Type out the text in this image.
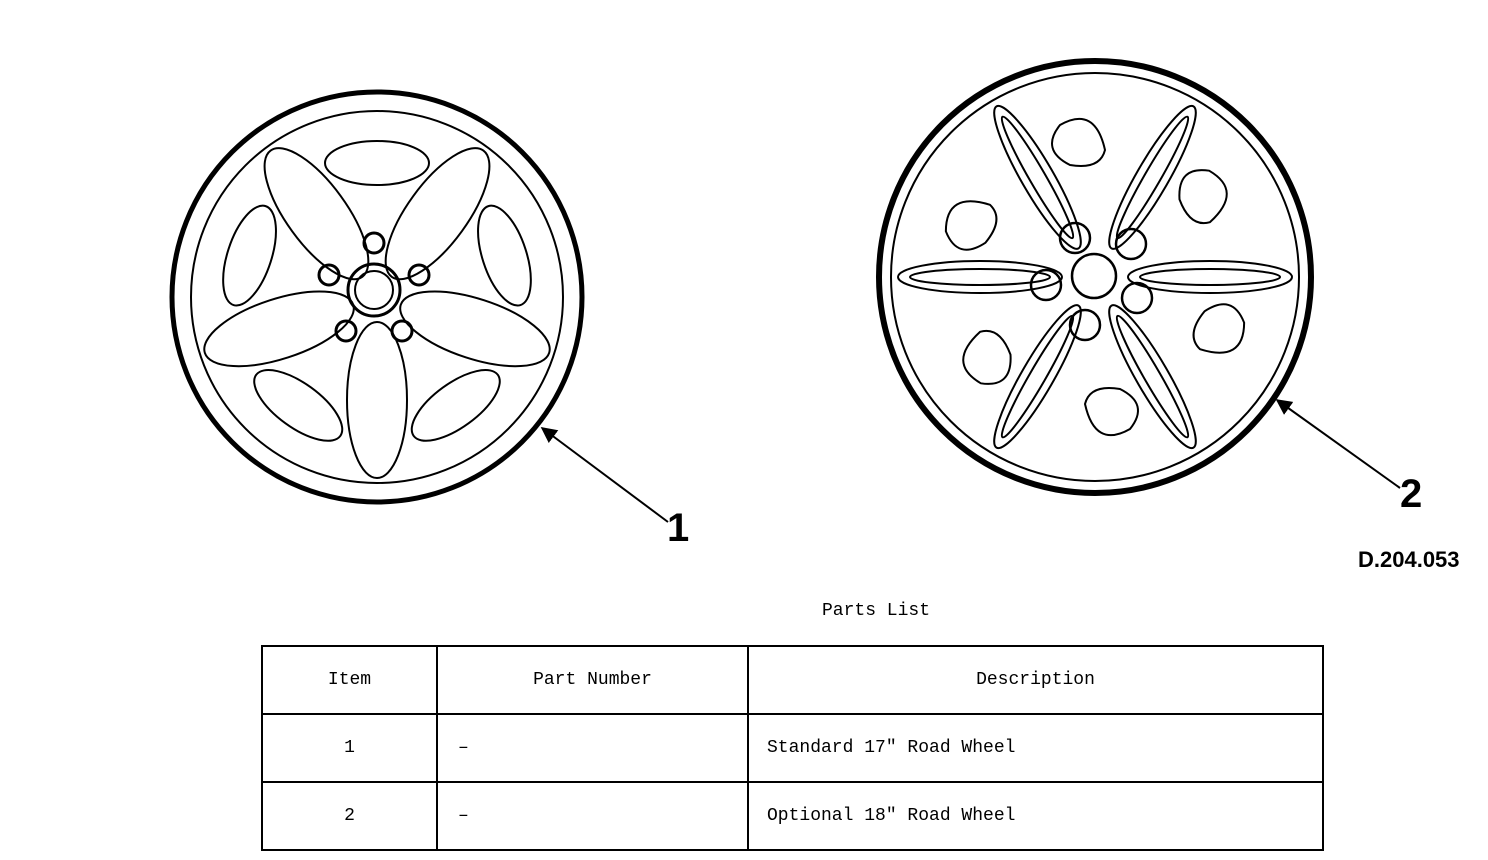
1
2
D.204.053
Parts List
Item	Part Number	Description
1	–	Standard 17" Road Wheel
2	–	Optional 18" Road Wheel
